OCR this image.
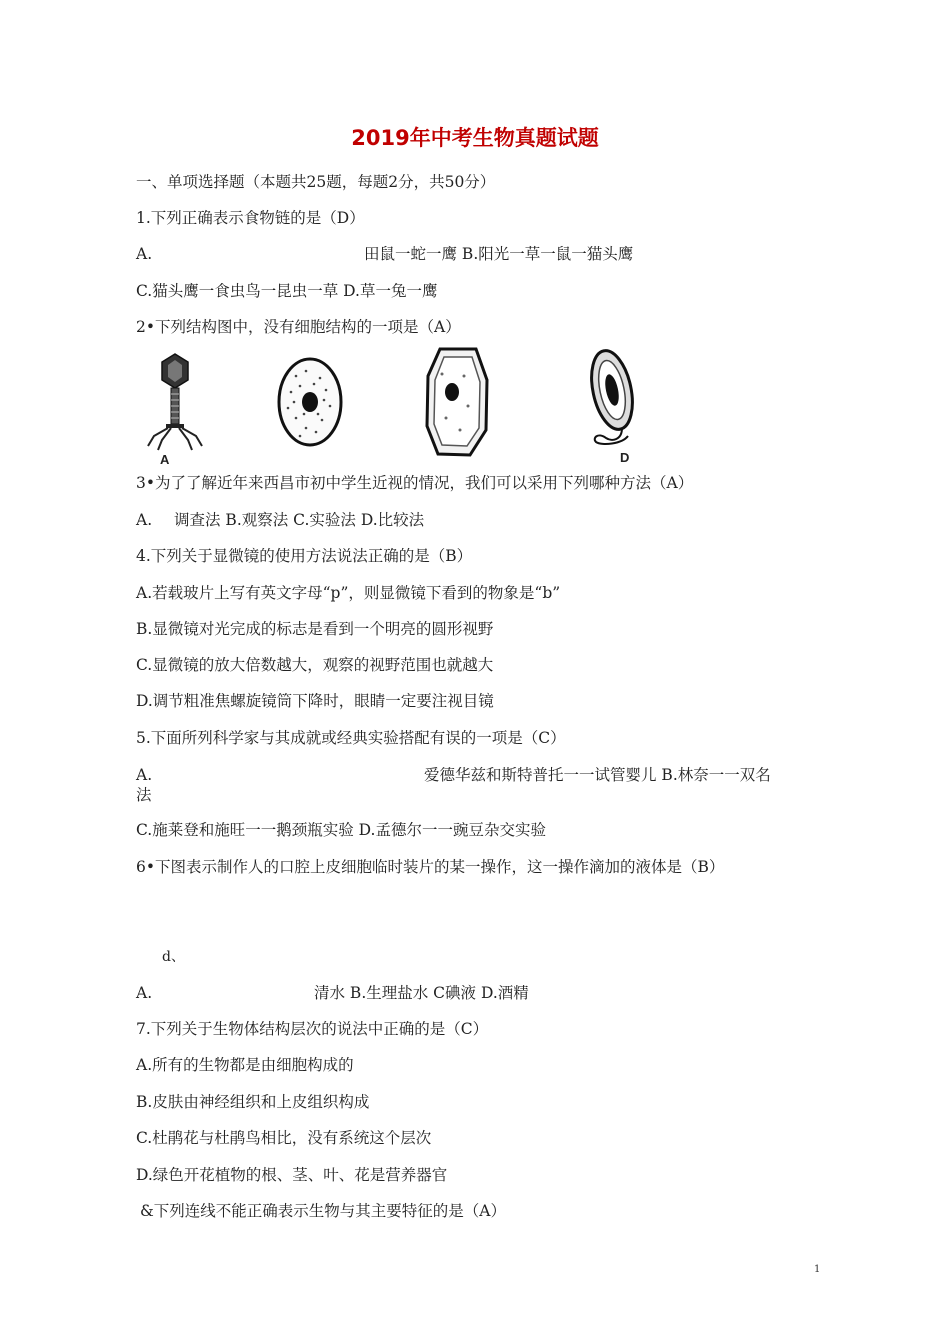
2019年中考生物真题试题
一、单项选择题（本题共25题，每题2分，共50分）
1.下列正确表示食物链的是（D）
A.	田鼠一蛇一鹰 B.阳光一草一鼠一猫头鹰
C.猫头鹰一食虫鸟一昆虫一草 D.草一兔一鹰
2•下列结构图中，没有细胞结构的一项是（A）
A	D
3•为了了解近年来西昌市初中学生近视的情况，我们可以采用下列哪种方法（A）
A. 调查法 B.观察法 C.实验法 D.比较法
4.下列关于显微镜的使用方法说法正确的是（B）
A.若载玻片上写有英文字母“p”，则显微镜下看到的物象是“b”
B.显微镜对光完成的标志是看到一个明亮的圆形视野
C.显微镜的放大倍数越大，观察的视野范围也就越大
D.调节粗准焦螺旋镜筒下降时，眼睛一定要注视目镜
5.下面所列科学家与其成就或经典实验搭配有误的一项是（C）
A.	爱德华兹和斯特普托一一试管婴儿 B.林奈一一双名
法
C.施莱登和施旺一一鹅颈瓶实验 D.孟德尔一一豌豆杂交实验
6•下图表示制作人的口腔上皮细胞临时装片的某一操作，这一操作滴加的液体是（B）
d、
A.	清水 B.生理盐水 C碘液 D.酒精
7.下列关于生物体结构层次的说法中正确的是（C）
A.所有的生物都是由细胞构成的
B.皮肤由神经组织和上皮组织构成
C.杜鹃花与杜鹃鸟相比，没有系统这个层次
D.绿色开花植物的根、茎、叶、花是营养器官
&下列连线不能正确表示生物与其主要特征的是（A）
1
